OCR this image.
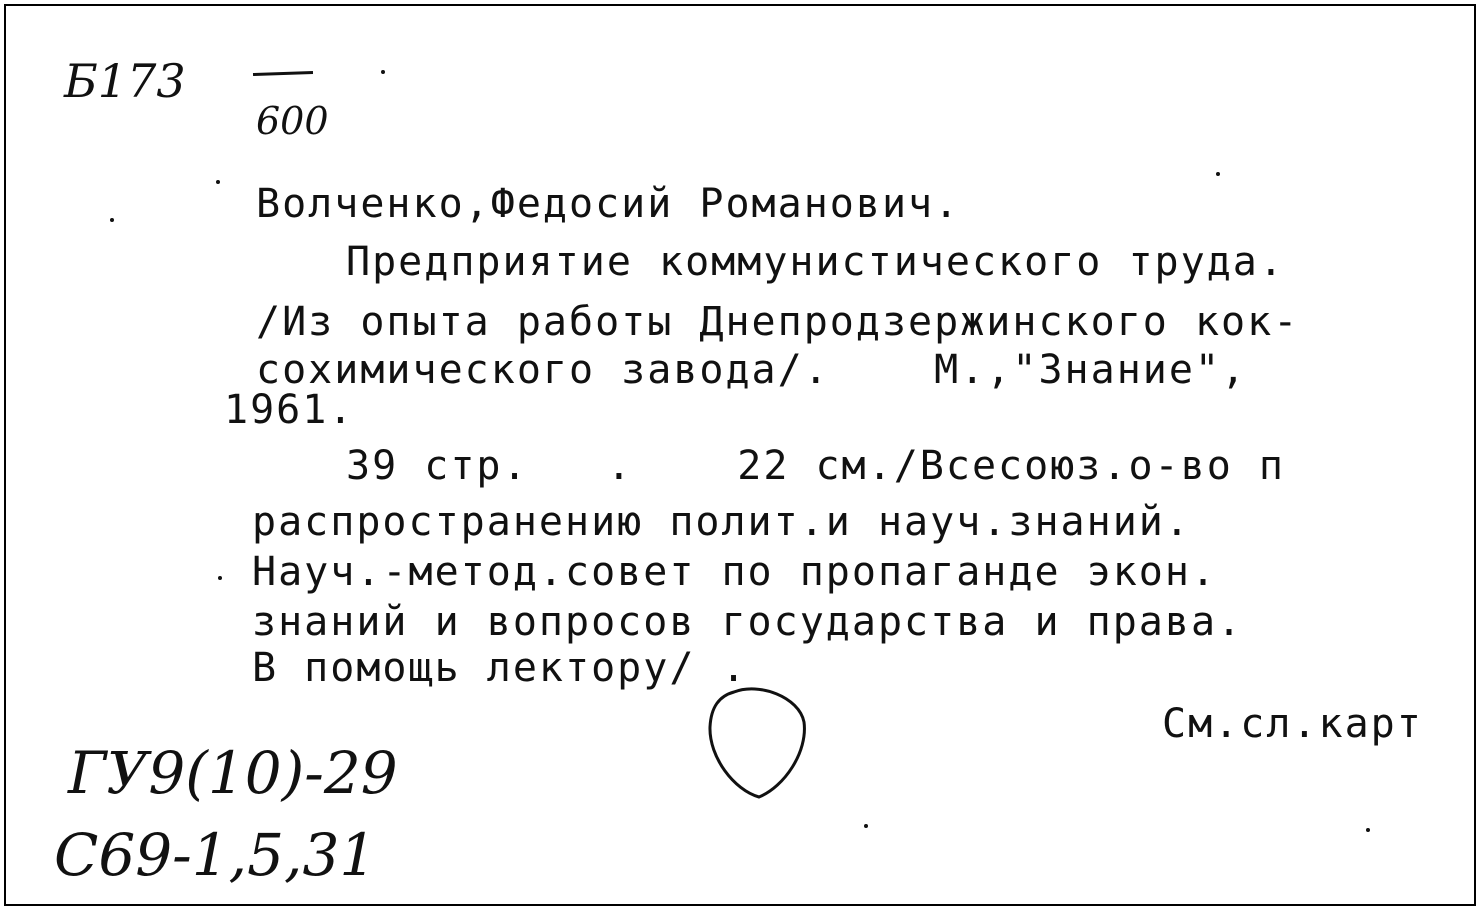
Б173
600
Волченко,Федосий Романович.
Предприятие коммунистического труда.
/Из опыта работы Днепродзержинского кок-
сохимического завода/.    М.,"Знание",
1961.
39 стр.   .    22 см./Всесоюз.о-во п
распространению полит.и науч.знаний.
Науч.-метод.совет по пропаганде экон.
знаний и вопросов государства и права.
В помощь лектору/ .
См.сл.карт
ГУ9(10)-29
С69-1,5,31
